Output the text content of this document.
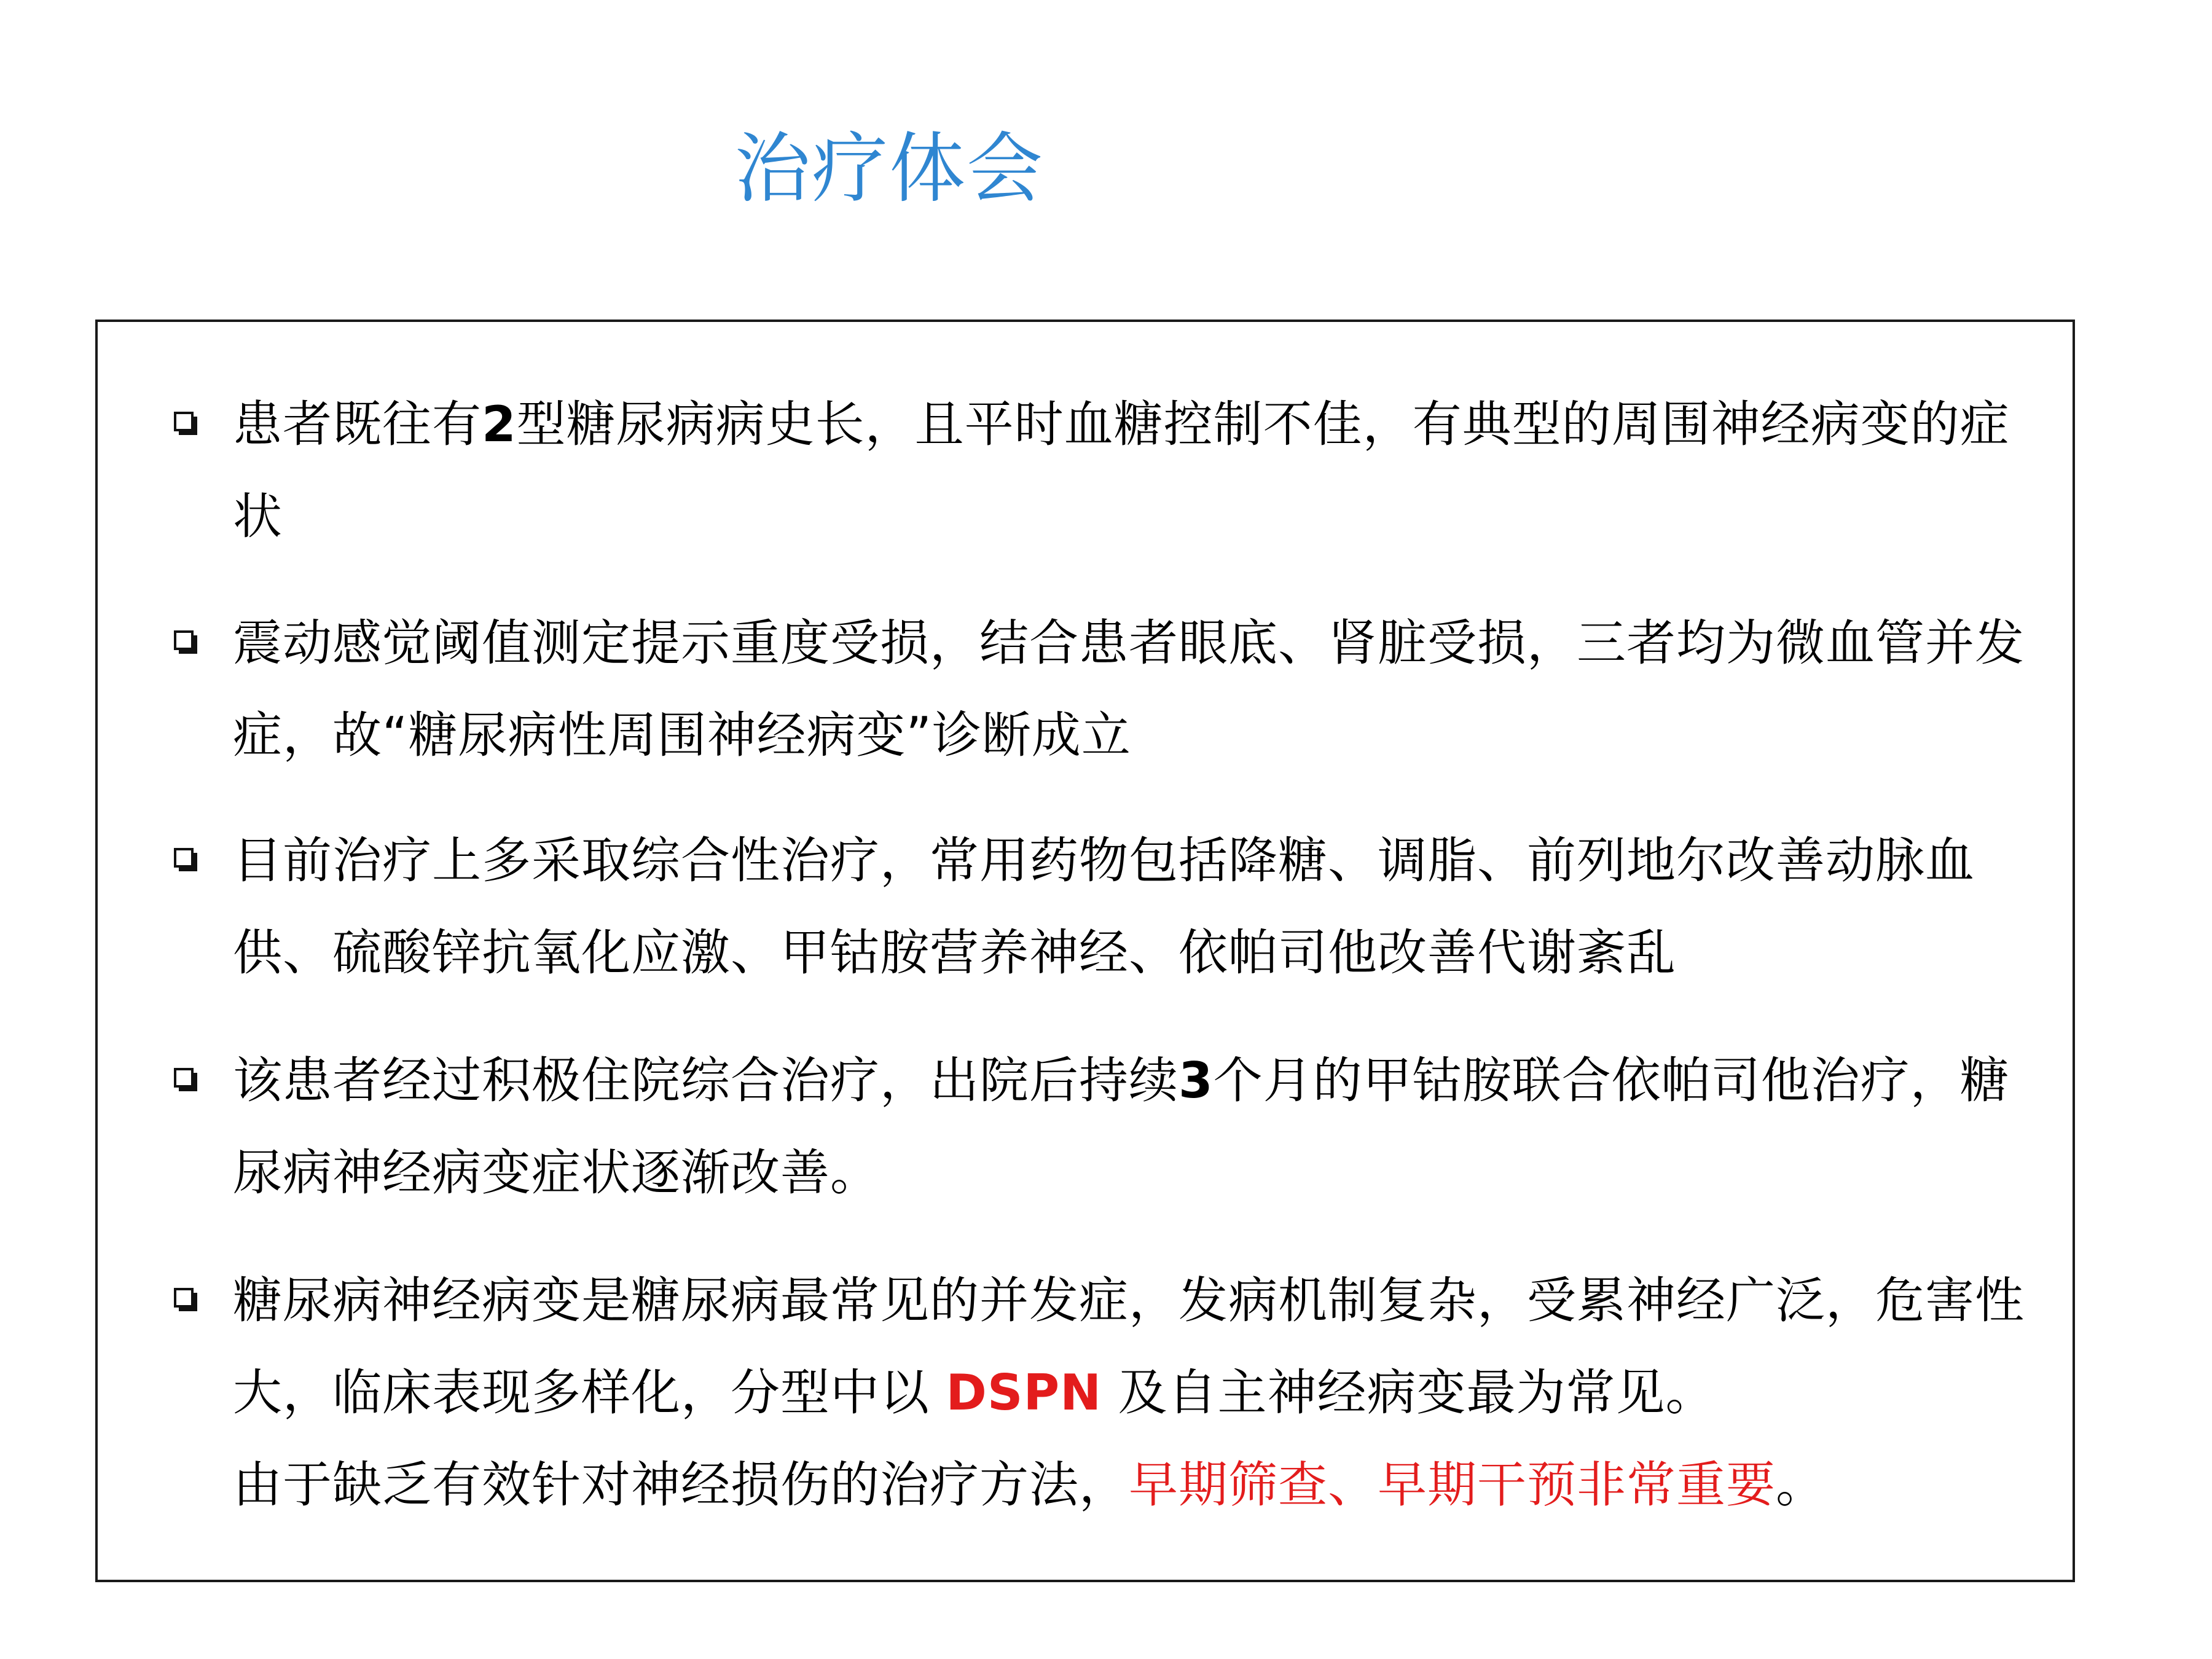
治疗体会
患者既往有2型糖尿病病史长，且平时血糖控制不佳，有典型的周围神经病变的症状
震动感觉阈值测定提示重度受损，结合患者眼底、肾脏受损，三者均为微血管并发症，故“糖尿病性周围神经病变”诊断成立
目前治疗上多采取综合性治疗，常用药物包括降糖、调脂、前列地尔改善动脉血供、硫酸锌抗氧化应激、甲钴胺营养神经、依帕司他改善代谢紊乱
该患者经过积极住院综合治疗，出院后持续3个月的甲钴胺联合依帕司他治疗，糖尿病神经病变症状逐渐改善。
糖尿病神经病变是糖尿病最常见的并发症，发病机制复杂，受累神经广泛，危害性大，临床表现多样化，分型中以 DSPN 及自主神经病变最为常见。
由于缺乏有效针对神经损伤的治疗方法，早期筛查、早期干预非常重要。
